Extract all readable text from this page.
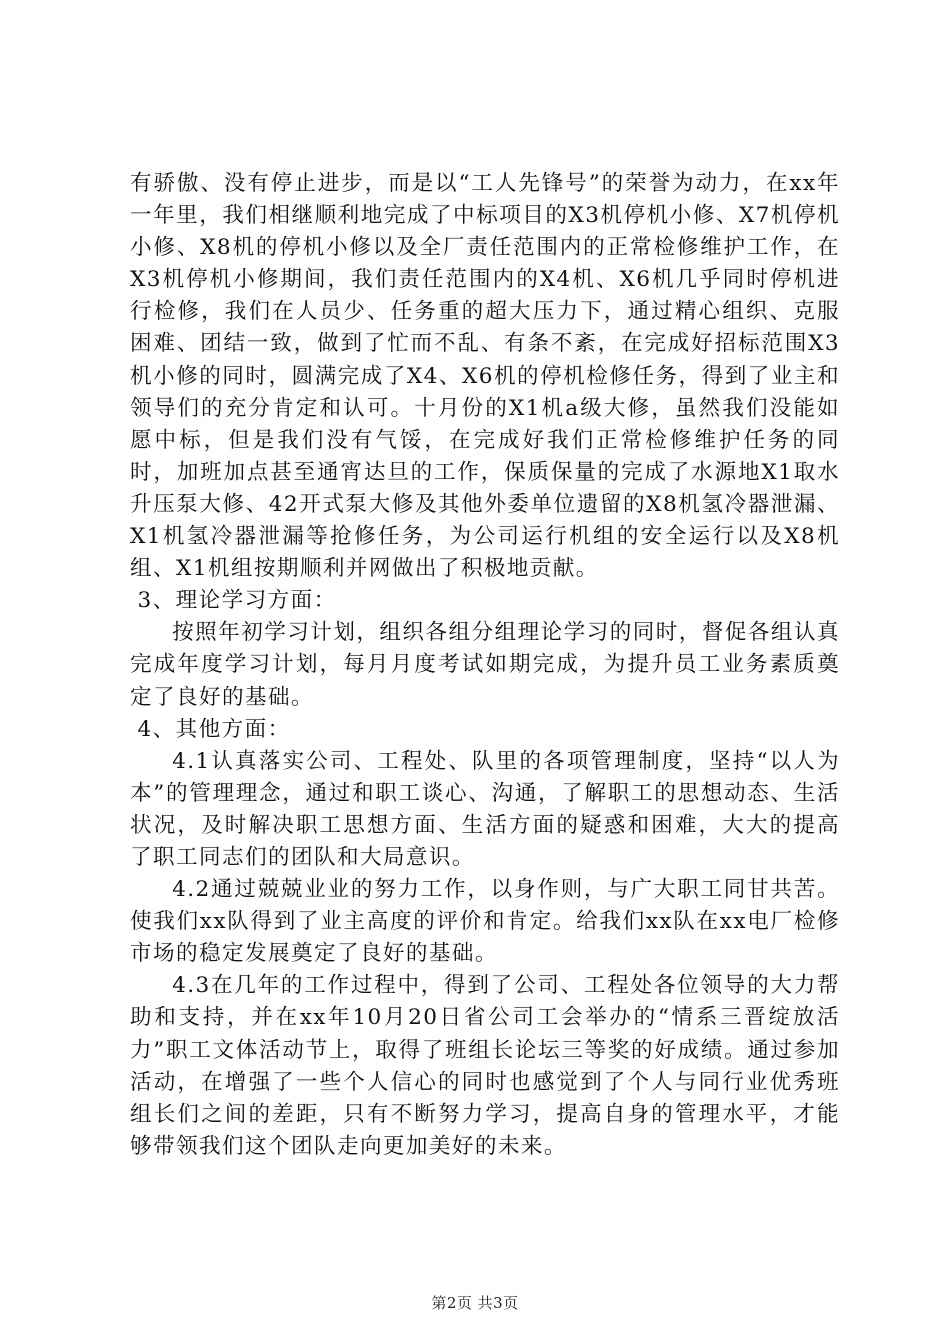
有骄傲、没有停止进步，而是以“工人先锋号”的荣誉为动力，在xx年一年里，我们相继顺利地完成了中标项目的X3机停机小修、X7机停机小修、X8机的停机小修以及全厂责任范围内的正常检修维护工作，在X3机停机小修期间，我们责任范围内的X4机、X6机几乎同时停机进行检修，我们在人员少、任务重的超大压力下，通过精心组织、克服困难、团结一致，做到了忙而不乱、有条不紊，在完成好招标范围X3机小修的同时，圆满完成了X4、X6机的停机检修任务，得到了业主和领导们的充分肯定和认可。十月份的X1机a级大修，虽然我们没能如愿中标，但是我们没有气馁，在完成好我们正常检修维护任务的同时，加班加点甚至通宵达旦的工作，保质保量的完成了水源地X1取水升压泵大修、42开式泵大修及其他外委单位遗留的X8机氢冷器泄漏、X1机氢冷器泄漏等抢修任务，为公司运行机组的安全运行以及X8机组、X1机组按期顺利并网做出了积极地贡献。

3、理论学习方面：

按照年初学习计划，组织各组分组理论学习的同时，督促各组认真完成年度学习计划，每月月度考试如期完成，为提升员工业务素质奠定了良好的基础。

4、其他方面：

4.1认真落实公司、工程处、队里的各项管理制度，坚持“以人为本”的管理理念，通过和职工谈心、沟通，了解职工的思想动态、生活状况，及时解决职工思想方面、生活方面的疑惑和困难，大大的提高了职工同志们的团队和大局意识。

4.2通过兢兢业业的努力工作，以身作则，与广大职工同甘共苦。使我们xx队得到了业主高度的评价和肯定。给我们xx队在xx电厂检修市场的稳定发展奠定了良好的基础。

4.3在几年的工作过程中，得到了公司、工程处各位领导的大力帮助和支持，并在xx年10月20日省公司工会举办的“情系三晋绽放活力”职工文体活动节上，取得了班组长论坛三等奖的好成绩。通过参加活动，在增强了一些个人信心的同时也感觉到了个人与同行业优秀班组长们之间的差距，只有不断努力学习，提高自身的管理水平，才能够带领我们这个团队走向更加美好的未来。

第2页 共3页
